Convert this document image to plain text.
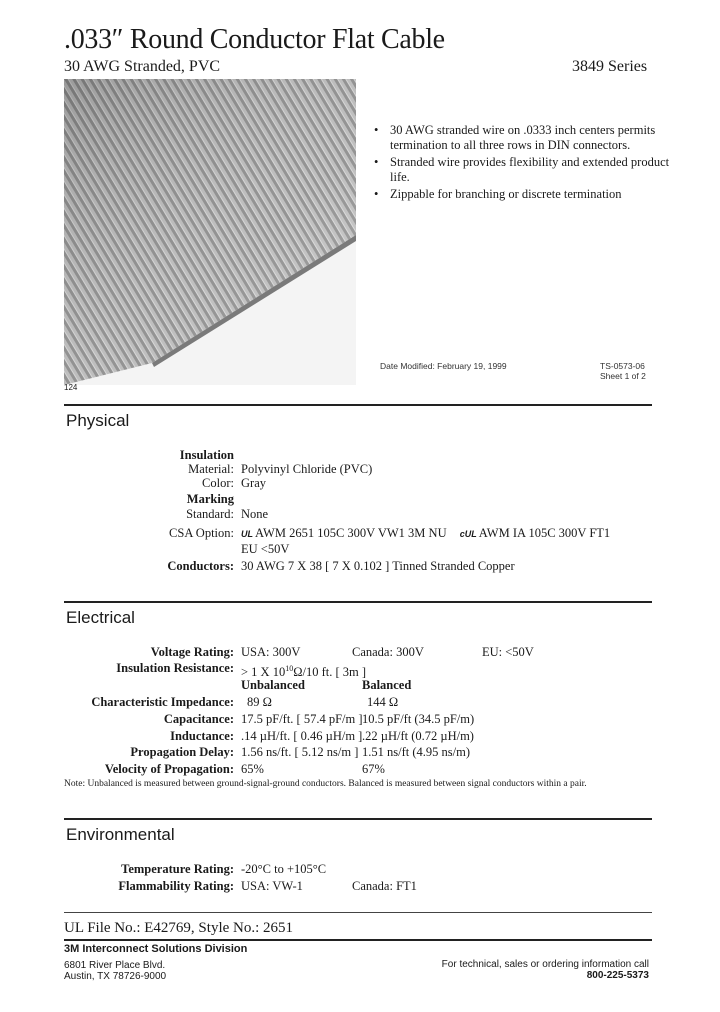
.033″ Round Conductor Flat Cable
30 AWG Stranded, PVC	3849 Series
124
• 30 AWG stranded wire on .0333 inch centers permits termination to all three rows in DIN connectors.
• Stranded wire provides flexibility and extended product life.
• Zippable for branching or discrete termination
Date Modified: February 19, 1999	TS-0573-06
Sheet 1 of 2
Physical
Insulation
Material: Polyvinyl Chloride (PVC)
Color: Gray
Marking
Standard: None
CSA Option: UL AWM 2651 105C 300V VW1 3M NU cUL AWM IA 105C 300V FT1
EU <50V
Conductors: 30 AWG 7 X 38 [ 7 X 0.102 ] Tinned Stranded Copper
Electrical
Voltage Rating: USA: 300V	Canada: 300V	EU: <50V
Insulation Resistance: > 1 X $10^{10}\Omega/10$ ft. [ 3m ]
Unbalanced	Balanced
Characteristic Impedance: 89 Ω	144 Ω
Capacitance: 17.5 pF/ft. [ 57.4 pF/m ] 10.5 pF/ft (34.5 pF/m)
Inductance: .14 µH/ft. [ 0.46 µH/m ] .22 µH/ft (0.72 µH/m)
Propagation Delay: 1.56 ns/ft. [ 5.12 ns/m ] 1.51 ns/ft (4.95 ns/m)
Velocity of Propagation: 65%	67%
Note: Unbalanced is measured between ground-signal-ground conductors. Balanced is measured between signal conductors within a pair.
Environmental
Temperature Rating: -20°C to +105°C
Flammability Rating: USA: VW-1	Canada: FT1
UL File No.: E42769, Style No.: 2651
3M Interconnect Solutions Division
6801 River Place Blvd.
Austin, TX 78726-9000
For technical, sales or ordering information call
800-225-5373
